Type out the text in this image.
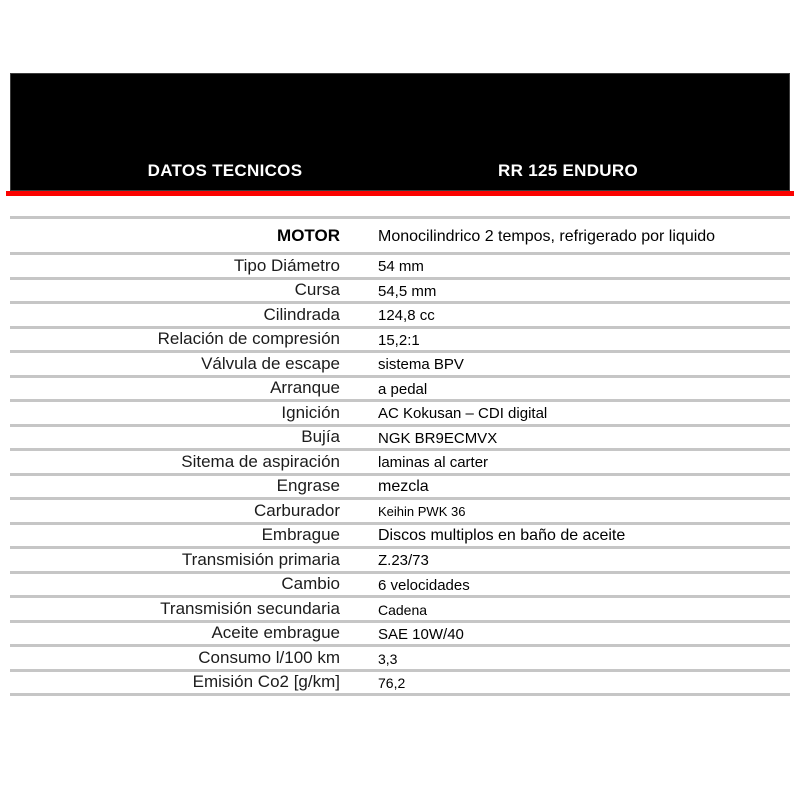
DATOS TECNICOS	RR 125 ENDURO
MOTOR Monocilindrico 2 tempos, refrigerado por liquido
Tipo Diámetro	54 mm
Cursa	54,5 mm
Cilindrada	124,8 cc
Relación de compresión	15,2:1
Válvula de escape	sistema BPV
Arranque	a pedal
Ignición	AC Kokusan – CDI digital
Bujía	NGK BR9ECMVX
Sitema de aspiración	laminas al carter
Engrase mezcla
Carburador	Keihin PWK 36
Embrague Discos multiplos en baño de aceite
Transmisión primaria	Z.23/73
Cambio	6 velocidades
Transmisión secundaria	Cadena
Aceite embrague	SAE 10W/40
Consumo l/100 km	3,3
Emisión Co2 [g/km]	76,2
